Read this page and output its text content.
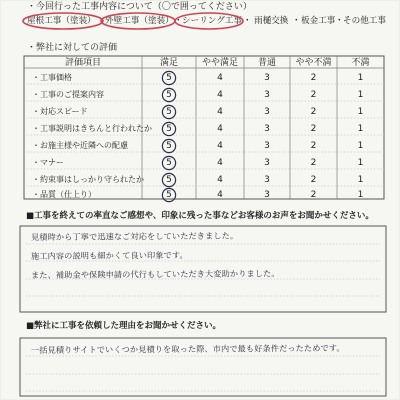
・今回行った工事内容について（〇で囲ってください）
屋根工事（塗装） ・
外壁工事（塗装） ・ シーリング工事 ・ 雨樋交換 ・ 板金工事 ・ その他工事
・弊社に対しての評価
評価項目	満足	やや満足	普通	やや不満	不満
・工事価格	5	4	3	2	1
・工事のご提案内容	5	4	3	2	1
・対応スピード	5	4	3	2	1
・工事説明はきちんと行われたか	5	4	3	2	1
・お施主様や近隣への配慮	5	4	3	2	1
・マナー	5	4	3	2	1
・約束事はしっかり守られたか	5	4	3	2	1
・品質（仕上り）	5	4	3	2	1
■工事を終えての率直なご感想や、印象に残った事などお客様のお声をお聞かせください。
見積時から丁寧で迅速なご対応をしていただきました。
施工内容の説明も細かくて良い印象です。
また、補助金や保険申請の代行もしていただき大変助かりました。
■弊社に工事を依頼した理由をお聞かせください。
一括見積りサイトでいくつか見積りを取った際、市内で最も好条件だったためです。
